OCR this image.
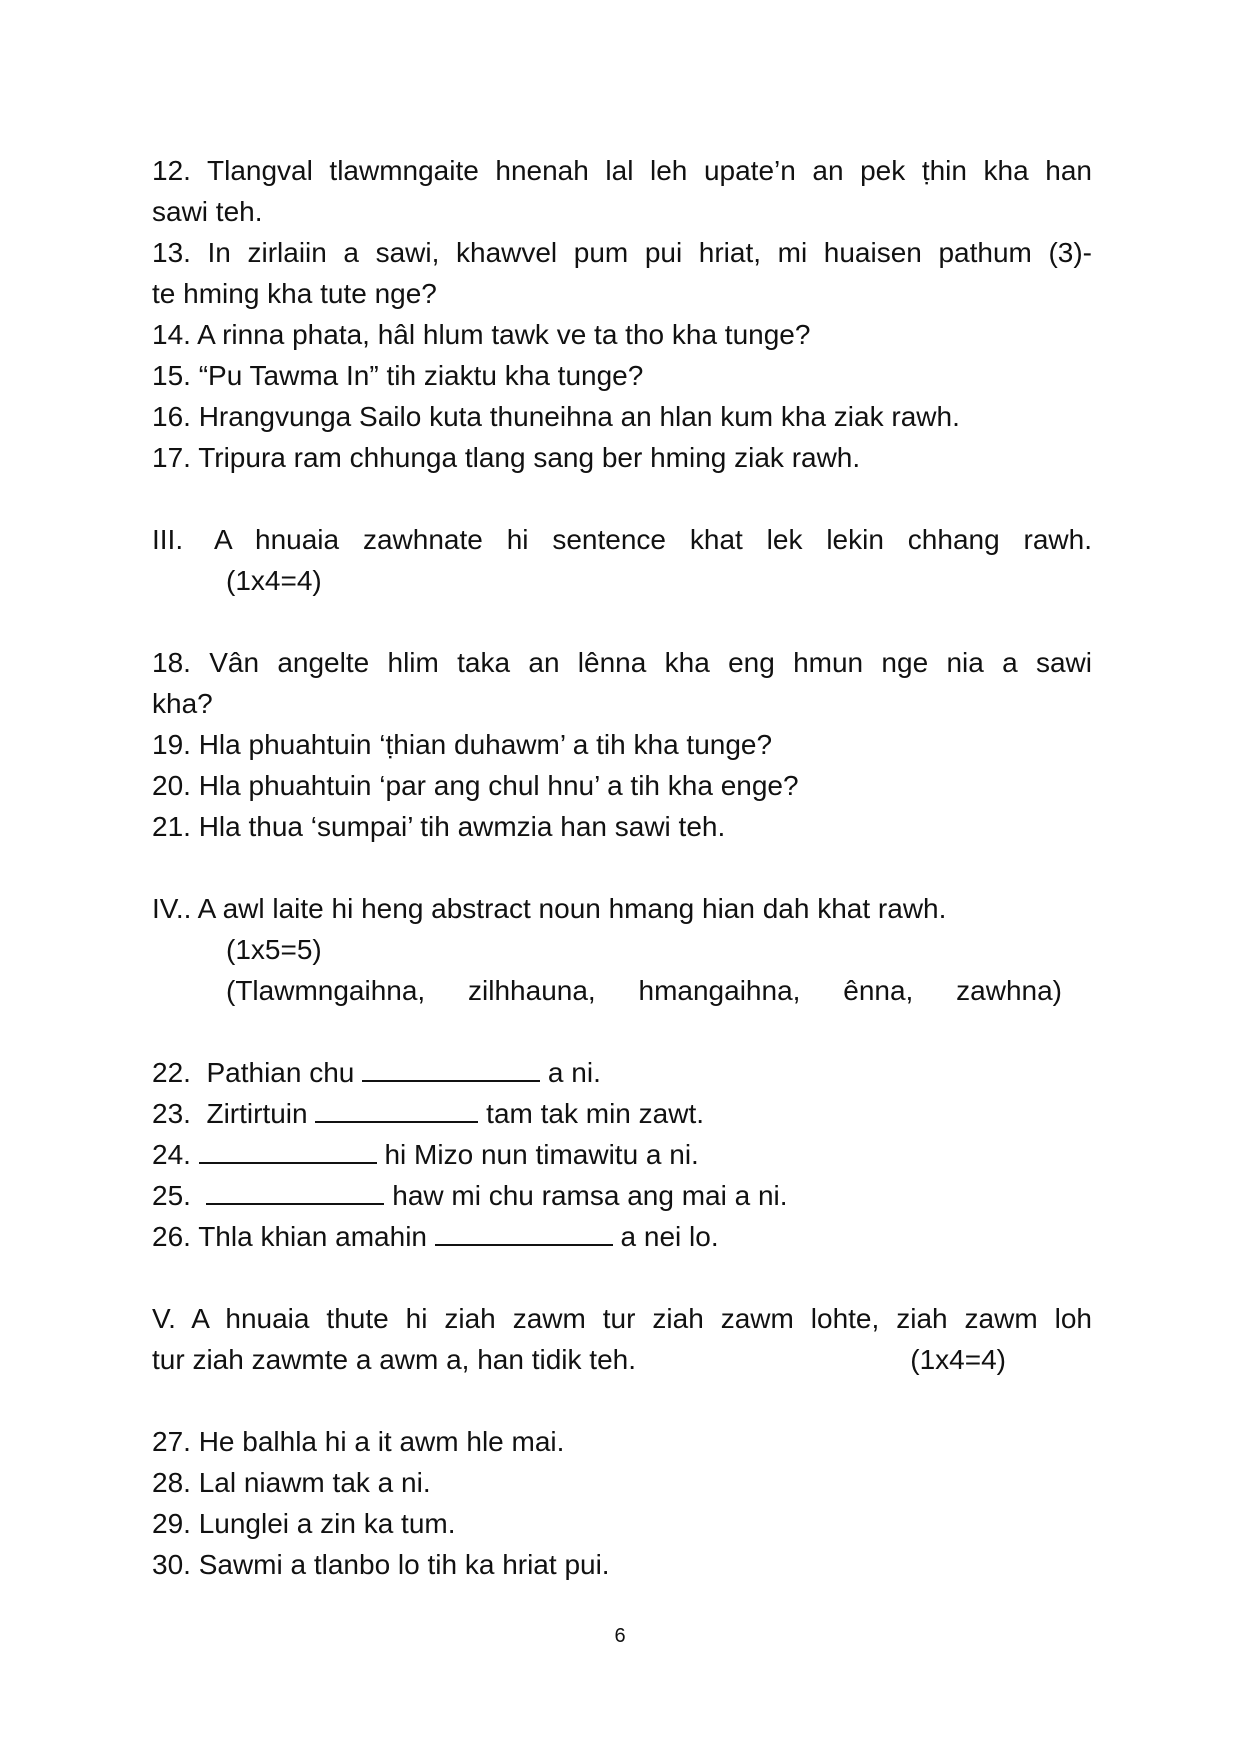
12. Tlangval tlawmngaite hnenah lal leh upate’n an pek ṭhin kha han
sawi teh.
13. In zirlaiin a sawi, khawvel pum pui hriat, mi huaisen pathum (3)-
te hming kha tute nge?
14. A rinna phata, hâl hlum tawk ve ta tho kha tunge?
15. “Pu Tawma In” tih ziaktu kha tunge?
16. Hrangvunga Sailo kuta thuneihna an hlan kum kha ziak rawh.
17. Tripura ram chhunga tlang sang ber hming ziak rawh.
III.	A hnuaia zawhnate hi sentence khat lek lekin chhang rawh.
(1x4=4)
18. Vân angelte hlim taka an lênna kha eng hmun nge nia a sawi
kha?
19. Hla phuahtuin ‘ṭhian duhawm’ a tih kha tunge?
20. Hla phuahtuin ‘par ang chul hnu’ a tih kha enge?
21. Hla thua ‘sumpai’ tih awmzia han sawi teh.
IV.. A awl laite hi heng abstract noun hmang hian dah khat rawh.
(1x5=5)
(Tlawmngaihna, zilhhauna, hmangaihna, ênna, zawhna)
22.  Pathian chu	a ni.
23.  Zirtirtuin	tam tak min zawt.
24.	hi Mizo nun timawitu a ni.
25.	haw mi chu ramsa ang mai a ni.
26. Thla khian amahin	a nei lo.
V. A hnuaia thute hi ziah zawm tur ziah zawm lohte, ziah zawm loh
tur ziah zawmte a awm a, han tidik teh.	(1x4=4)
27. He balhla hi a it awm hle mai.
28. Lal niawm tak a ni.
29. Lunglei a zin ka tum.
30. Sawmi a tlanbo lo tih ka hriat pui.
6
